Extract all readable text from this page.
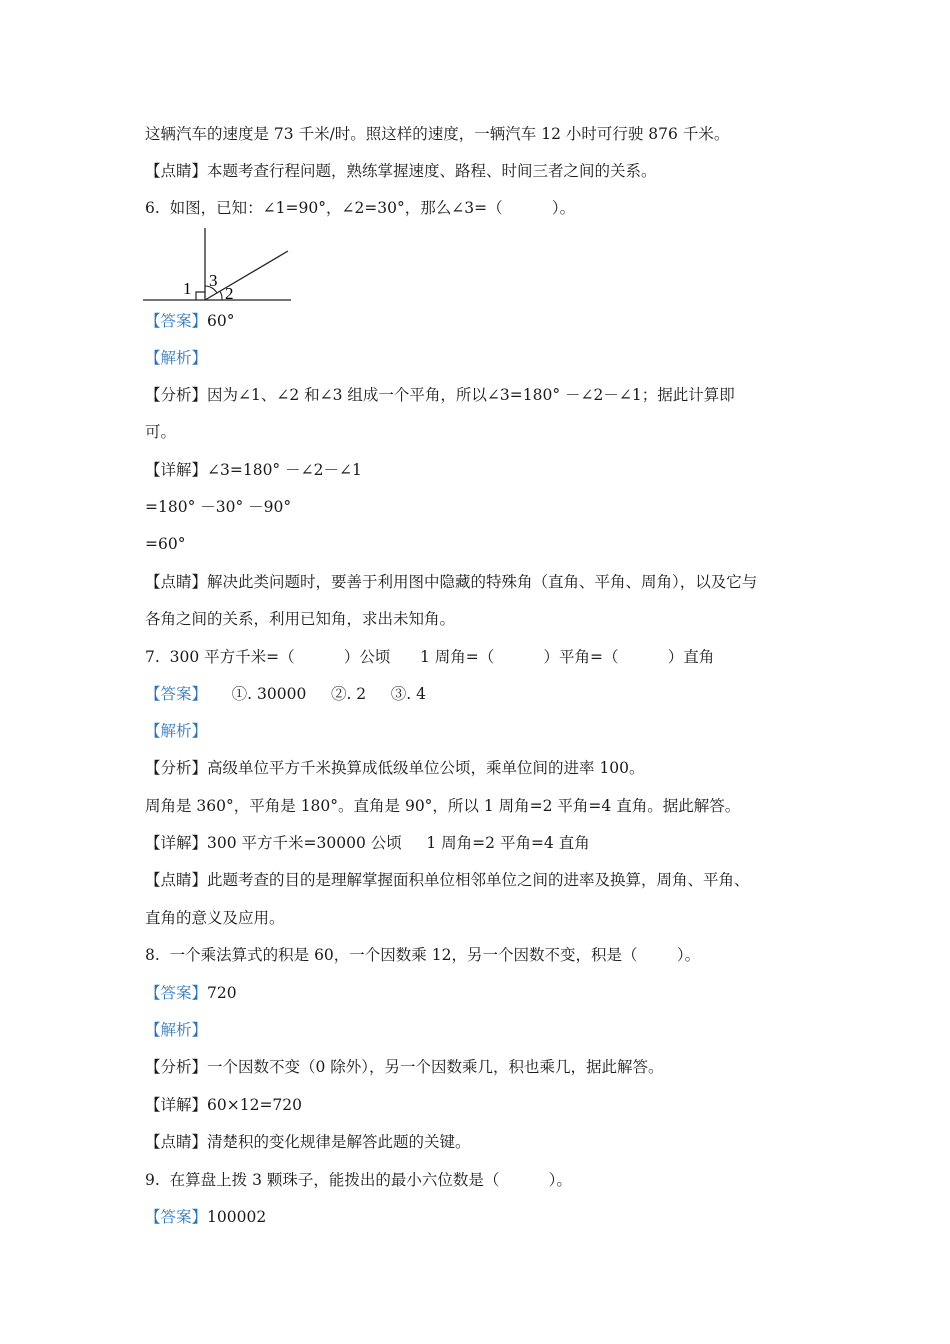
这辆汽车的速度是 73 千米/时。照这样的速度，一辆汽车 12 小时可行驶 876 千米。
【点睛】本题考查行程问题，熟练掌握速度、路程、时间三者之间的关系。
6.  如图，已知：∠1=90°，∠2=30°，那么∠3=（          ）。
1 3
2
【答案】60°
【解析】
【分析】因为∠1、∠2 和∠3 组成一个平角，所以∠3=180° －∠2－∠1；据此计算即
可。
【详解】∠3=180° －∠2－∠1
=180° －30° －90°
=60°
【点睛】解决此类问题时，要善于利用图中隐藏的特殊角（直角、平角、周角），以及它与
各角之间的关系，利用已知角，求出未知角。
7.  300 平方千米=（          ）公顷      1 周角=（          ）平角=（          ）直角
【答案】     ①. 30000     ②. 2     ③. 4
【解析】
【分析】高级单位平方千米换算成低级单位公顷，乘单位间的进率 100。
周角是 360°，平角是 180°。直角是 90°，所以 1 周角=2 平角=4 直角。据此解答。
【详解】300 平方千米=30000 公顷     1 周角=2 平角=4 直角
【点睛】此题考查的目的是理解掌握面积单位相邻单位之间的进率及换算，周角、平角、
直角的意义及应用。
8.  一个乘法算式的积是 60，一个因数乘 12，另一个因数不变，积是（        ）。
【答案】720
【解析】
【分析】一个因数不变（0 除外），另一个因数乘几，积也乘几，据此解答。
【详解】60×12=720
【点睛】清楚积的变化规律是解答此题的关键。
9.  在算盘上拨 3 颗珠子，能拨出的最小六位数是（          ）。
【答案】100002
